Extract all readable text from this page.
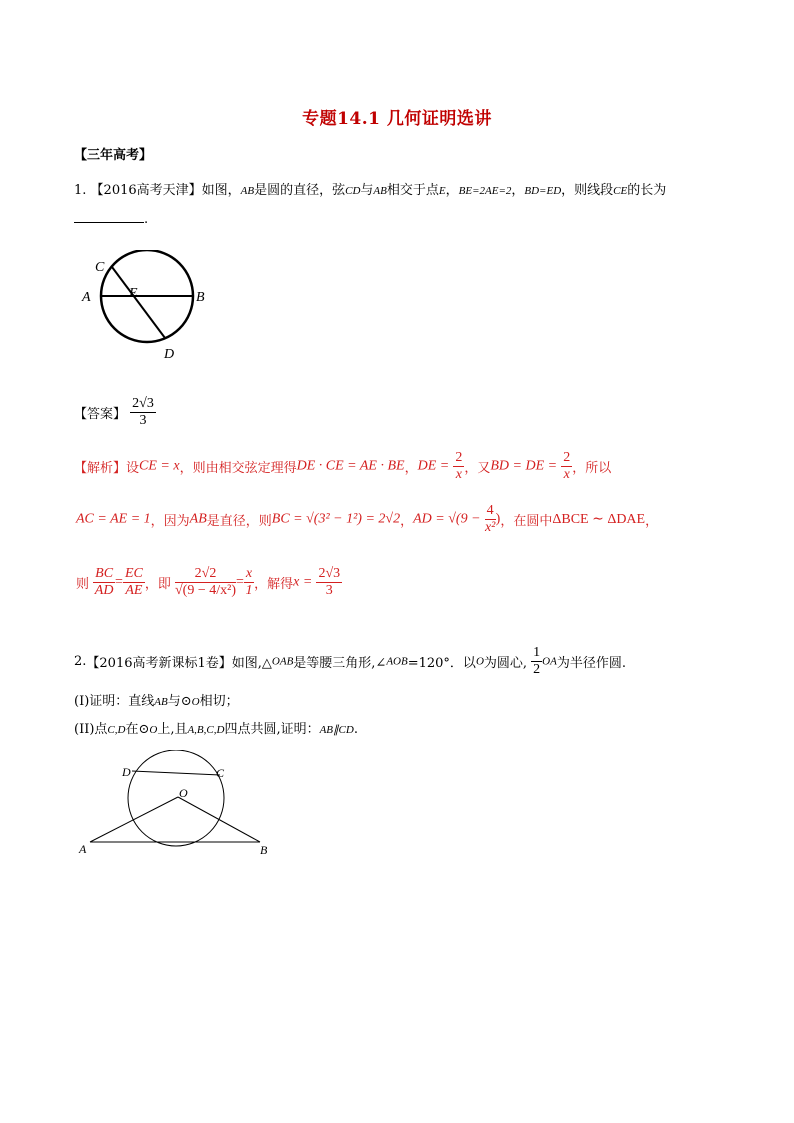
专题14.1 几何证明选讲
【三年高考】
1. 【2016高考天津】如图，AB是圆的直径，弦CD与AB相交于点E，BE=2AE=2，BD=ED，则线段CE的长为
.
C
A	E	B
D
【答案】 $\frac{2√3}{3}$
【解析】设CE = x，则由相交弦定理得DE · CE = AE · BE，DE = $\frac{2}{x}$ ，又BD = DE = $\frac{2}{x}$ ，所以
AC = AE = 1，因为AB是直径，则BC = √(3² − 1²) = 2√2，AD = $√(9 - \frac{4}{\text{x²}}$ )，在圆中ΔBCE ∼ ΔDAE，
则 $\frac{BC}{AD} = \frac{EC}{AE}$ ，即 $\frac{2√2}{\text{√(9 − 4/x²)}} = \frac{x}{1}$ ，解得$x = \frac{2√3}{3}$
2.【2016高考新课标1卷】如图,△OAB是等腰三角形,∠AOB=120°．以O为圆心, $\frac{1}{2}$ OA为半径作圆.
(I)证明：直线AB与⊙O相切；
(II)点C,D在⊙O上,且A,B,C,D四点共圆,证明：AB∥CD.
D	C
O
A	B
